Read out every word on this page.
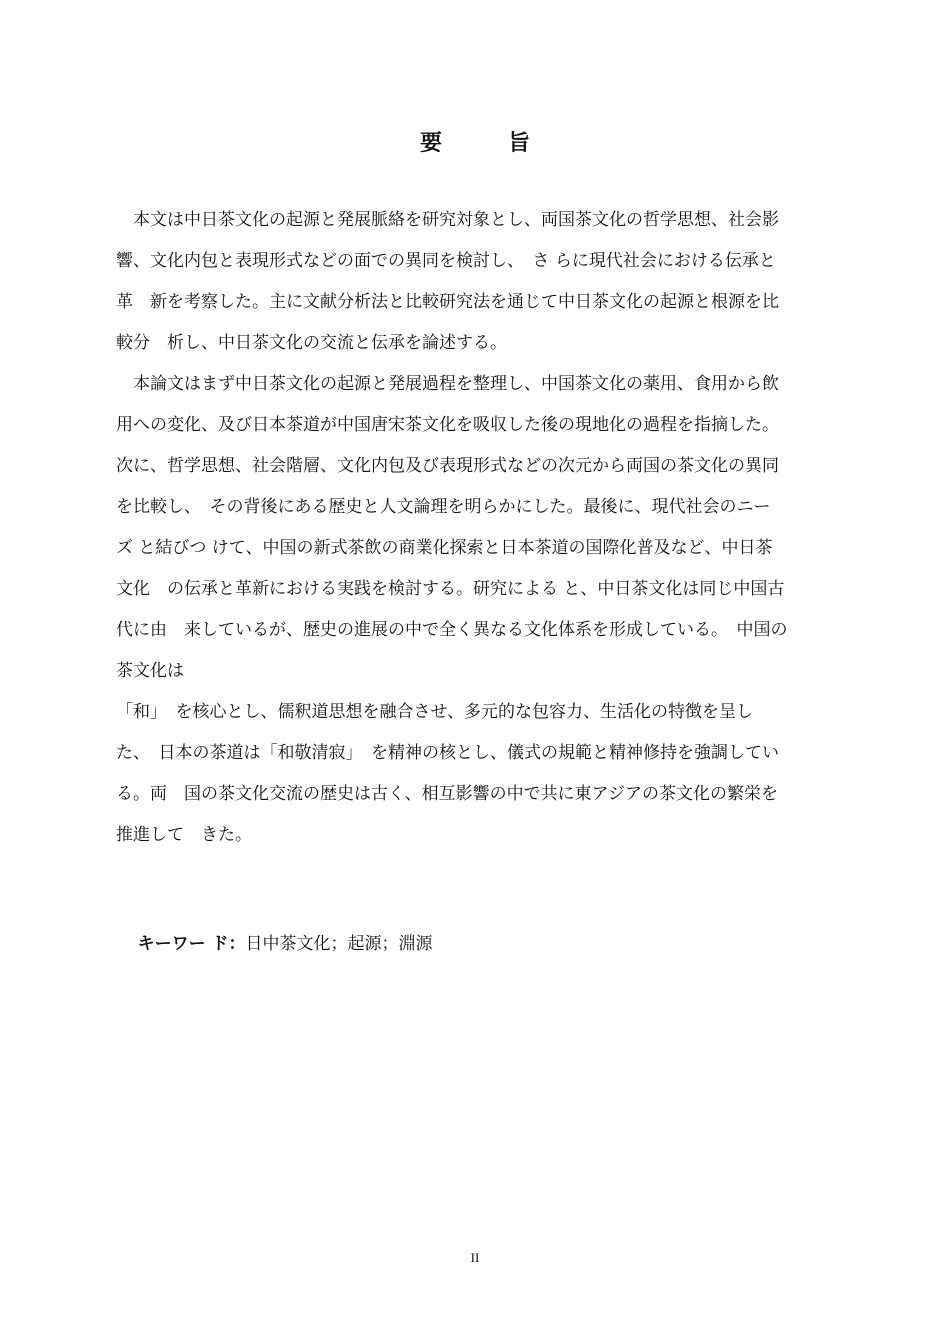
要　旨
　本文は中日茶文化の起源と発展脈絡を研究対象とし、両国茶文化の哲学思想、社会影
響、文化内包と表現形式などの面での異同を検討し、　さ らに現代社会における伝承と
革　新を考察した。主に文献分析法と比較研究法を通じて中日茶文化の起源と根源を比
較分　析し、中日茶文化の交流と伝承を論述する。
　本論文はまず中日茶文化の起源と発展過程を整理し、中国茶文化の薬用、食用から飲
用への変化、及び日本茶道が中国唐宋茶文化を吸収した後の現地化の過程を指摘した。
次に、哲学思想、社会階層、文化内包及び表現形式などの次元から両国の茶文化の異同
を比較し、　その背後にある歴史と人文論理を明らかにした。最後に、現代社会のニー
ズ と結びつ けて、中国の新式茶飲の商業化探索と日本茶道の国際化普及など、中日茶
文化　の伝承と革新における実践を検討する。研究による と、中日茶文化は同じ中国古
代に由　来しているが、歴史の進展の中で全く異なる文化体系を形成している。　中国の
茶文化は
「和」　を核心とし、儒釈道思想を融合させ、多元的な包容力、生活化の特徴を呈し
た、　日本の茶道は「和敬清寂」　を精神の核とし、儀式の規範と精神修持を強調してい
る。両　国の茶文化交流の歴史は古く、相互影響の中で共に東アジアの茶文化の繁栄を
推進して　きた。

キーワー ド：日中茶文化；起源；淵源

II
